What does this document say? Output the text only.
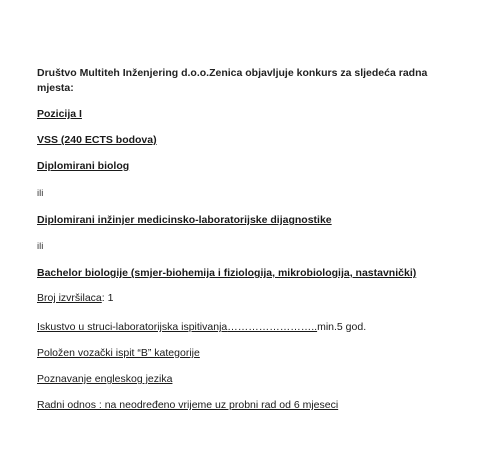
Društvo Multiteh Inženjering d.o.o.Zenica objavljuje konkurs za sljedeća radna mjesta:
Pozicija I
VSS (240 ECTS bodova)
Diplomirani biolog
ili
Diplomirani inžinjer medicinsko-laboratorijske dijagnostike
ili
Bachelor biologije (smjer-biohemija i fiziologija, mikrobiologija, nastavnički)
Broj izvršilaca: 1
Iskustvo u struci-laboratorijska ispitivanja……………………..min.5 god.
Položen vozački ispit “B” kategorije
Poznavanje engleskog jezika
Radni odnos : na neodređeno vrijeme uz probni rad od 6 mjeseci
